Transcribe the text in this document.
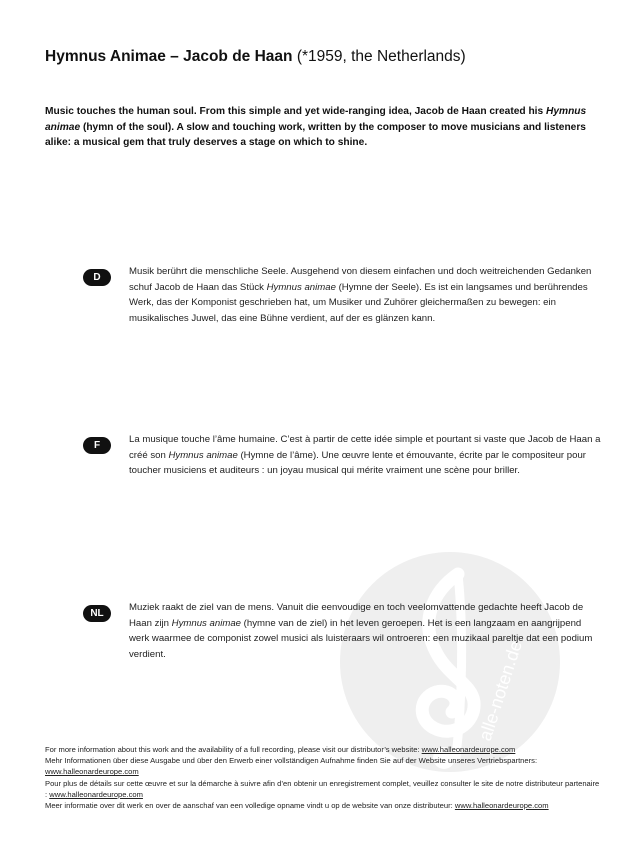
alle-noten.de
Hymnus Animae – Jacob de Haan (*1959, the Netherlands)
Music touches the human soul. From this simple and yet wide-ranging idea, Jacob de Haan created his Hymnus animae (hymn of the soul). A slow and touching work, written by the composer to move musicians and listeners alike: a musical gem that truly deserves a stage on which to shine.
D
Musik berührt die menschliche Seele. Ausgehend von diesem einfachen und doch weitreichenden Gedanken schuf Jacob de Haan das Stück Hymnus animae (Hymne der Seele). Es ist ein langsames und berührendes Werk, das der Komponist geschrieben hat, um Musiker und Zuhörer gleichermaßen zu bewegen: ein musikalisches Juwel, das eine Bühne verdient, auf der es glänzen kann.
F
La musique touche l’âme humaine. C’est à partir de cette idée simple et pourtant si vaste que Jacob de Haan a créé son Hymnus animae (Hymne de l’âme). Une œuvre lente et émouvante, écrite par le compositeur pour toucher musiciens et auditeurs : un joyau musical qui mérite vraiment une scène pour briller.
NL
Muziek raakt de ziel van de mens. Vanuit die eenvoudige en toch veelomvattende gedachte heeft Jacob de Haan zijn Hymnus animae (hymne van de ziel) in het leven geroepen. Het is een langzaam en aangrijpend werk waarmee de componist zowel musici als luisteraars wil ontroeren: een muzikaal pareltje dat een podium verdient.
For more information about this work and the availability of a full recording, please visit our distributor’s website: www.halleonardeurope.com
Mehr Informationen über diese Ausgabe und über den Erwerb einer vollständigen Aufnahme finden Sie auf der Website unseres Vertriebspartners:
www.halleonardeurope.com
Pour plus de détails sur cette œuvre et sur la démarche à suivre afin d’en obtenir un enregistrement complet, veuillez consulter le site de notre distributeur partenaire : www.halleonardeurope.com
Meer informatie over dit werk en over de aanschaf van een volledige opname vindt u op de website van onze distributeur: www.halleonardeurope.com
